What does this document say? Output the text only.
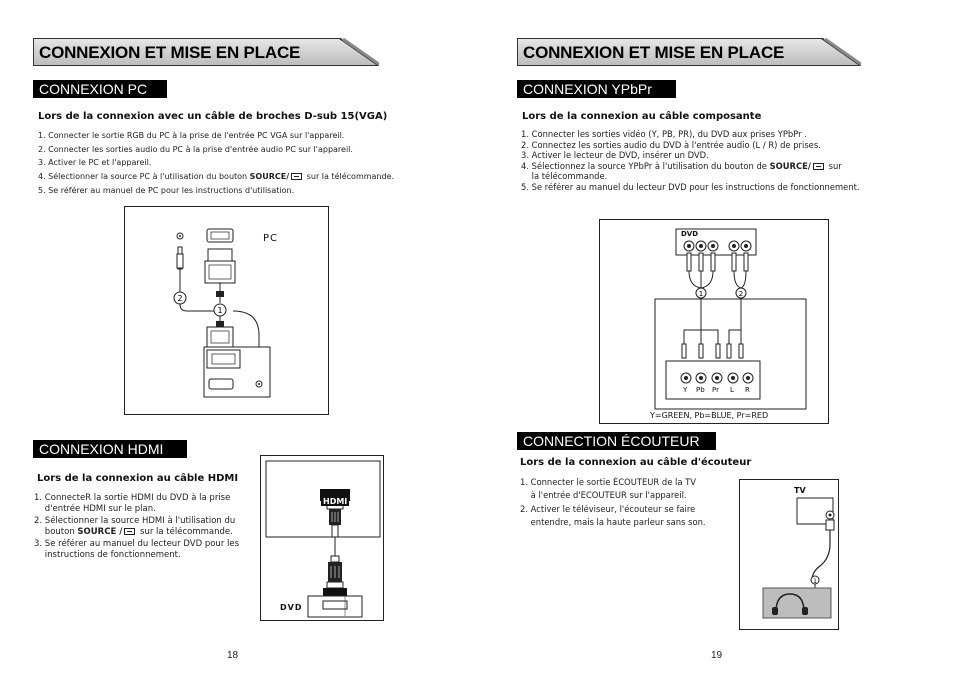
CONNEXION ET MISE EN PLACE
CONNEXION PC
Lors de la connexion avec un câble de broches D-sub 15(VGA)
1. Connecter le sortie RGB du PC à la prise de l'entrée PC VGA sur l'appareil.
2. Connecter les sorties audio du PC à la prise d'entrée audio PC sur l'appareil.
3. Activer le PC et l'appareil.
4. Sélectionner la source PC à l'utilisation du bouton SOURCE/ sur la télécommande.
5. Se référer au manuel de PC pour les instructions d'utilisation.
2
1
PC
CONNEXION HDMI
Lors de la connexion au câble HDMI
1. ConnecteR la sortie HDMI du DVD à la prise
d'entrée HDMI sur le plan.
2. Sélectionner la source HDMI à l'utilisation du
bouton SOURCE / sur la télécommande.
3. Se référer au manuel du lecteur DVD pour les
instructions de fonctionnement.
HDMI
DVD
18
CONNEXION ET MISE EN PLACE
CONNEXION YPbPr
Lors de la connexion au câble composante
1. Connecter les sorties vidéo (Y, PB, PR), du DVD aux prises YPbPr .
2. Connectez les sorties audio du DVD à l'entrée audio (L / R) de prises.
3. Activer le lecteur de DVD, insérer un DVD.
4. Sélectionnez la source YPbPr à l'utilisation du bouton de SOURCE/ sur
la télécommande.
5. Se référer au manuel du lecteur DVD pour les instructions de fonctionnement.
1	2
DVD
Y Pb Pr L R
Y=GREEN, Pb=BLUE, Pr=RED
CONNECTION ÉCOUTEUR
Lors de la connexion au câble d'écouteur
1. Connecter le sortie ÉCOUTEUR de la TV
à l'entrée d'ECOUTEUR sur l'appareil.
2. Activer le téléviseur, l'écouteur se faire
entendre, mais la haute parleur sans son.
1
TV
19
